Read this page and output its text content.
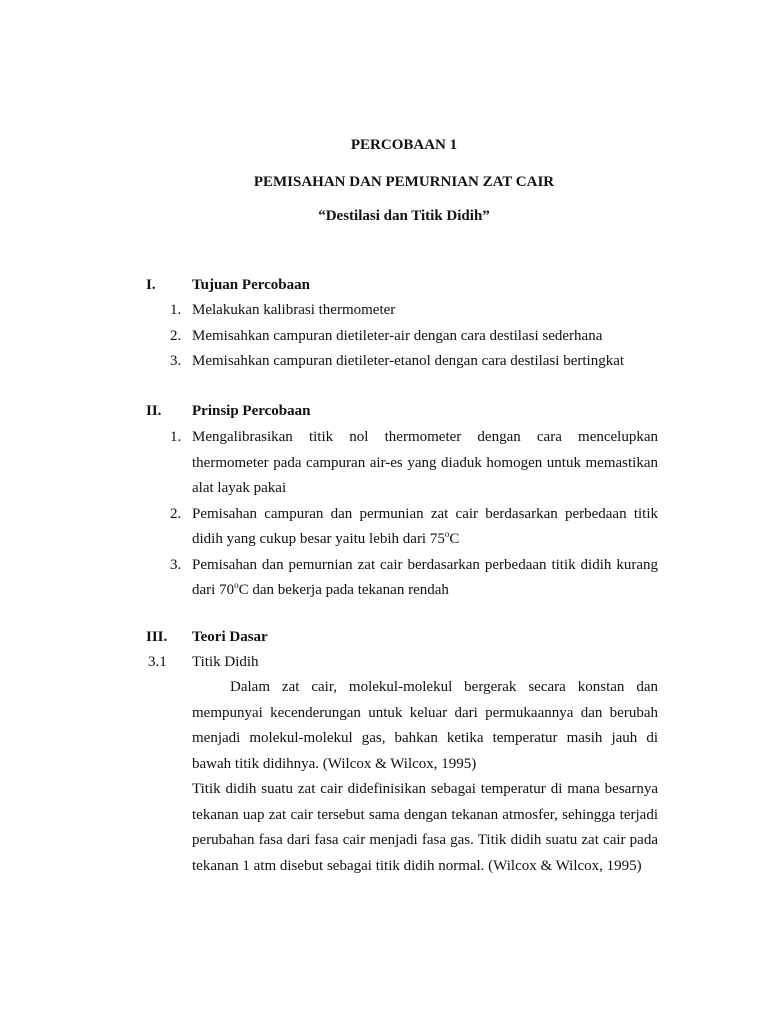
PERCOBAAN 1
PEMISAHAN DAN PEMURNIAN ZAT CAIR
“Destilasi dan Titik Didih”
I. Tujuan Percobaan
1. Melakukan kalibrasi thermometer
2. Memisahkan campuran dietileter-air dengan cara destilasi sederhana
3. Memisahkan campuran dietileter-etanol dengan cara destilasi bertingkat
II. Prinsip Percobaan
1. Mengalibrasikan titik nol thermometer dengan cara mencelupkan thermometer pada campuran air-es yang diaduk homogen untuk memastikan alat layak pakai
2. Pemisahan campuran dan permunian zat cair berdasarkan perbedaan titik didih yang cukup besar yaitu lebih dari 75$^o$C
3. Pemisahan dan pemurnian zat cair berdasarkan perbedaan titik didih kurang dari 70$^o$C dan bekerja pada tekanan rendah
III. Teori Dasar
3.1 Titik Didih

Dalam zat cair, molekul-molekul bergerak secara konstan dan mempunyai kecenderungan untuk keluar dari permukaannya dan berubah menjadi molekul-molekul gas, bahkan ketika temperatur masih jauh di bawah titik didihnya. (Wilcox & Wilcox, 1995)

Titik didih suatu zat cair didefinisikan sebagai temperatur di mana besarnya tekanan uap zat cair tersebut sama dengan tekanan atmosfer, sehingga terjadi perubahan fasa dari fasa cair menjadi fasa gas. Titik didih suatu zat cair pada tekanan 1 atm disebut sebagai titik didih normal. (Wilcox & Wilcox, 1995)
